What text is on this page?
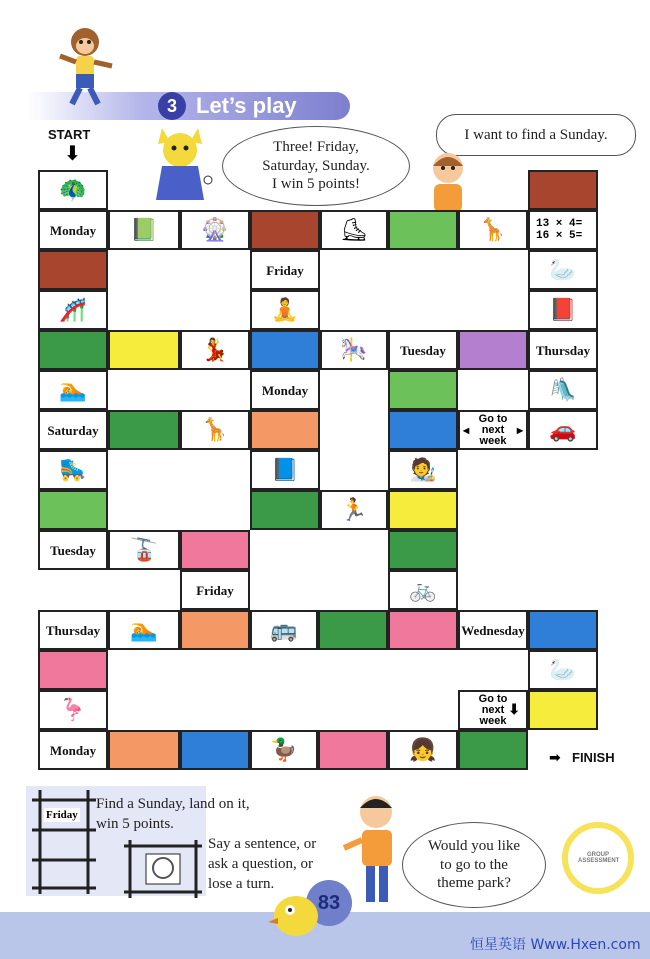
3 Let’s play
START
⬇	Three! Friday,
Saturday, Sunday.
I win 5 points!
I want to find a Sunday.
🦚
Monday 📗 🎡	⛸	🦒	13 × 4=
16 × 5=
Friday	🦢
🎢	🧘	📕
💃	🎠 Tuesday	Thursday
🏊	Monday	🛝
Saturday	🦒	Go to
next
week
◀	▶ 🚗
🛼	📘	🧑‍🎨
🏃
Tuesday 🚡
Friday	🚲
Thursday 🏊	🚌	Wednesday
🦢
🦩	Go to
next
week
⬇
Monday	🦆	👧	➡ FINISH
Friday
Find a Sunday, land on it,
win 5 points.
Say a sentence, or
ask a question, or
lose a turn.
Would you like
to go to the
theme park?
83
GROUP ASSESSMENT
恒星英语 Www.Hxen.com
